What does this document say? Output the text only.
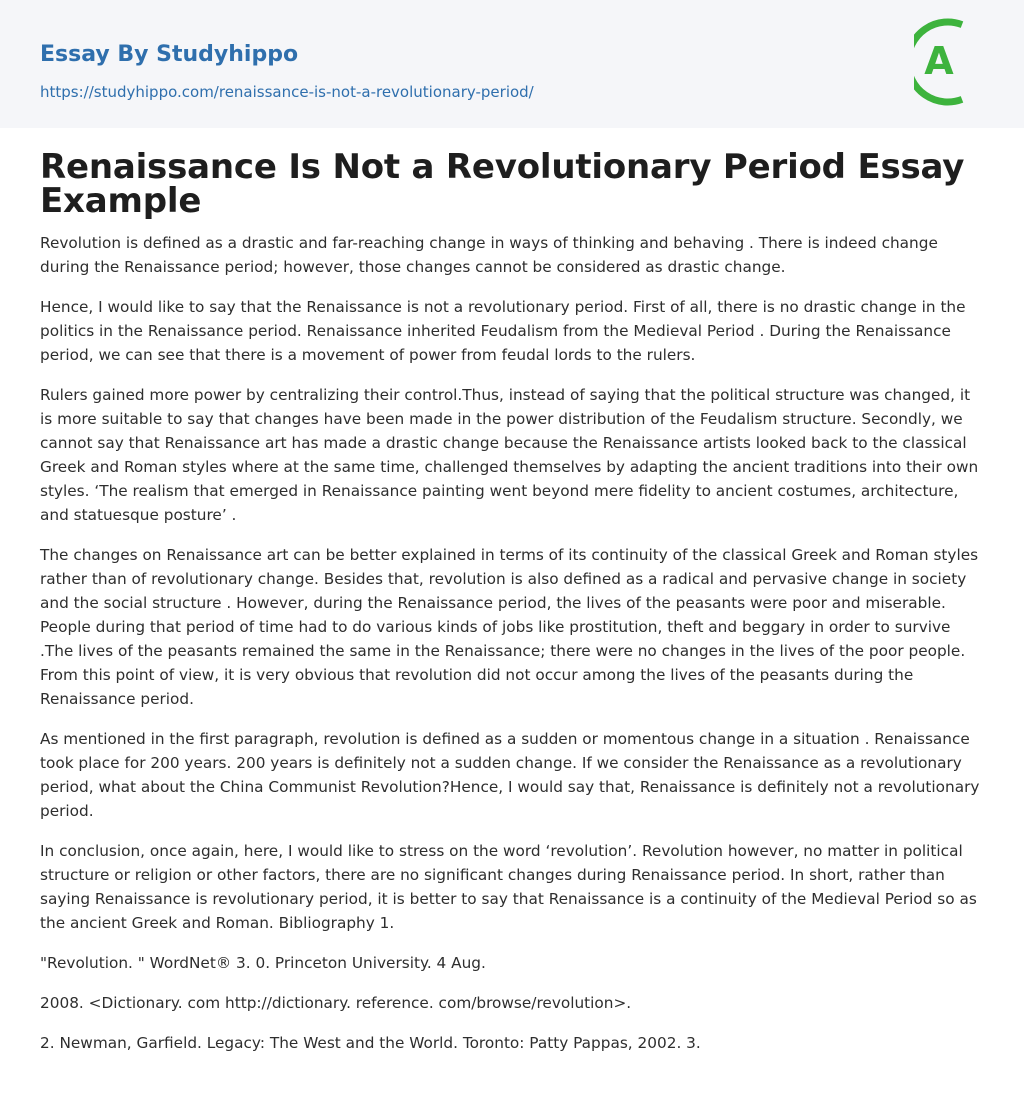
Essay By Studyhippo
https://studyhippo.com/renaissance-is-not-a-revolutionary-period/
A
Renaissance Is Not a Revolutionary Period Essay Example

Revolution is defined as a drastic and far-reaching change in ways of thinking and behaving . There is indeed change during the Renaissance period; however, those changes cannot be considered as drastic change.

Hence, I would like to say that the Renaissance is not a revolutionary period. First of all, there is no drastic change in the politics in the Renaissance period. Renaissance inherited Feudalism from the Medieval Period . During the Renaissance period, we can see that there is a movement of power from feudal lords to the rulers.

Rulers gained more power by centralizing their control.Thus, instead of saying that the political structure was changed, it is more suitable to say that changes have been made in the power distribution of the Feudalism structure. Secondly, we cannot say that Renaissance art has made a drastic change because the Renaissance artists looked back to the classical Greek and Roman styles where at the same time, challenged themselves by adapting the ancient traditions into their own styles. ‘The realism that emerged in Renaissance painting went beyond mere fidelity to ancient costumes, architecture, and statuesque posture’ .

The changes on Renaissance art can be better explained in terms of its continuity of the classical Greek and Roman styles rather than of revolutionary change. Besides that, revolution is also defined as a radical and pervasive change in society and the social structure . However, during the Renaissance period, the lives of the peasants were poor and miserable. People during that period of time had to do various kinds of jobs like prostitution, theft and beggary in order to survive .The lives of the peasants remained the same in the Renaissance; there were no changes in the lives of the poor people. From this point of view, it is very obvious that revolution did not occur among the lives of the peasants during the Renaissance period.

As mentioned in the first paragraph, revolution is defined as a sudden or momentous change in a situation . Renaissance took place for 200 years. 200 years is definitely not a sudden change. If we consider the Renaissance as a revolutionary period, what about the China Communist Revolution?Hence, I would say that, Renaissance is definitely not a revolutionary period.

In conclusion, once again, here, I would like to stress on the word ‘revolution’. Revolution however, no matter in political structure or religion or other factors, there are no significant changes during Renaissance period. In short, rather than saying Renaissance is revolutionary period, it is better to say that Renaissance is a continuity of the Medieval Period so as the ancient Greek and Roman. Bibliography 1.

"Revolution. " WordNet® 3. 0. Princeton University. 4 Aug.

2008. <Dictionary. com http://dictionary. reference. com/browse/revolution>.

2. Newman, Garfield. Legacy: The West and the World. Toronto: Patty Pappas, 2002. 3.
